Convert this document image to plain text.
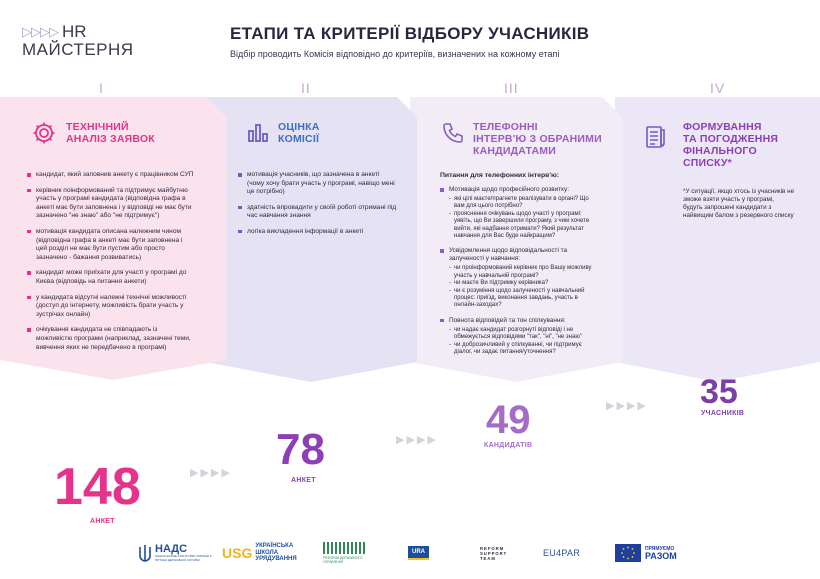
▷▷▷▷ HR
МАЙСТЕРНЯ
ЕТАПИ ТА КРИТЕРІЇ ВІДБОРУ УЧАСНИКІВ
Відбір проводить Комісія відповідно до критеріїв, визначених на кожному етапі
I	II	III	IV
ТЕХНІЧНИЙ
АНАЛІЗ ЗАЯВОК
кандидат, який заповнив анкету є працівником СУП
керівник поінформований та підтримує майбутню участь у програмі кандидата (відповідна графа в анкеті має бути заповнена і у відповіді не має бути зазначено "не знаю" або "не підтримує")
мотивація кандидата описана належним чином (відповідна графа в анкеті має бути заповнена і цей розділ не має бути пустим або просто зазначено - бажання розвиватись)
кандидат може приїхати для участі у програмі до Києва (відповідь на питання анкети)
у кандидата відсутні належні технічні можливості (доступ до інтернету, можливість брати участь у зустрічах онлайн)
очікування кандидата не співпадають із можливістю програми (наприклад, зазначені теми, вивчення яких не передбачено в програмі)
ОЦІНКА
КОМІСІЇ
мотивація учасників, що зазначена в анкеті (чому хочу брати участь у програмі, навіщо мені це потрібно)
здатність впровадити у своїй роботі отримані під час навчання знання
логіка викладення інформації в анкеті
ТЕЛЕФОННІ
ІНТЕРВ'Ю З ОБРАНИМИ
КАНДИДАТАМИ
Питання для телефонних інтерв'ю:
Мотивація щодо професійного розвитку:
- які цілі маєте/прагнете реалізувати в органі? Що вам для цього потрібно?
- прояснення очікувань щодо участі у програмі: уявіть, що Ви завершили програму, з чим хочете вийти, які надбання отримати? Який результат навчання для Вас буде найкращим?
Усвідомлення щодо відповідальності та залученості у навчання:
- чи проінформований керівник про Вашу можливу участь у навчальній програмі?
- чи маєте Ви підтримку керівника?
- чи є розуміння щодо залученості у навчальний процес: приїзд, виконання завдань, участь в онлайн-заходах?
Повнота відповідей та тон спілкування:
- чи надає кандидат розгорнуті відповіді і не обмежується відповідями "так", "ні", "не знаю"
- чи доброзичливий у спілкуванні, чи підтримує діалог, чи задає питання/уточнення?
ФОРМУВАННЯ
ТА ПОГОДЖЕННЯ
ФІНАЛЬНОГО
СПИСКУ*
*У ситуації, якщо хтось із учасників не зможе взяти участь у програмі, будуть запрошені кандидати з найвищим балом з резервного списку
148
АНКЕТ
78
АНКЕТ
49
КАНДИДАТІВ
35
УЧАСНИКІВ
▶▶▶▶
▶▶▶▶
▶▶▶▶
НАДС
НАЦІОНАЛЬНЕ АГЕНТСТВО УКРАЇНИ З ПИТАНЬ ДЕРЖАВНОЇ СЛУЖБИ	USG УКРАЇНСЬКА
ШКОЛА
УРЯДУВАННЯ	РЕФОРМИ ДЕРЖАВНОГО УПРАВЛІННЯ
URA
REFORM
SUPPORT
TEAM	EU4PAR	ПРЯМУЄМО
РАЗОМ
